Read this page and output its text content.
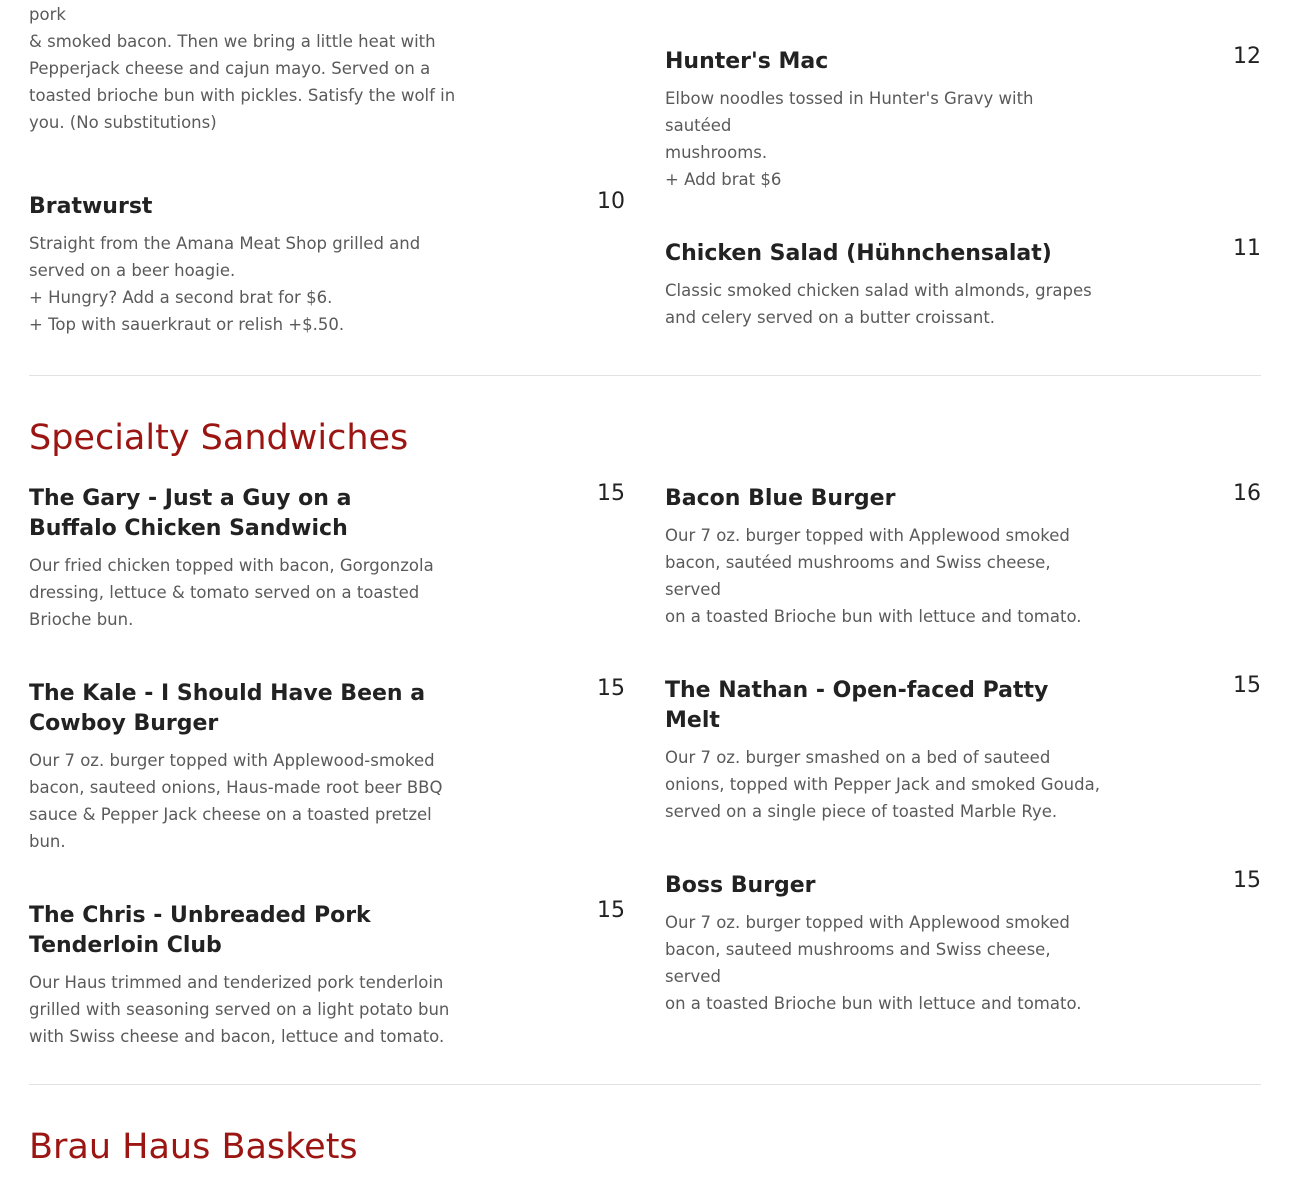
pork
& smoked bacon. Then we bring a little heat with
Pepperjack cheese and cajun mayo. Served on a
toasted brioche bun with pickles. Satisfy the wolf in
you. (No substitutions)

Bratwurst	10

Straight from the Amana Meat Shop grilled and
served on a beer hoagie.
+ Hungry? Add a second brat for $6.
+ Top with sauerkraut or relish +$.50.

Hunter's Mac	12

Elbow noodles tossed in Hunter's Gravy with sautéed
mushrooms.
+ Add brat $6

Chicken Salad (Hühnchensalat)	11

Classic smoked chicken salad with almonds, grapes
and celery served on a butter croissant.

Specialty Sandwiches
The Gary - Just a Guy on a Buffalo Chicken Sandwich
15

Our fried chicken topped with bacon, Gorgonzola
dressing, lettuce & tomato served on a toasted
Brioche bun.

The Kale - I Should Have Been a Cowboy Burger
15

Our 7 oz. burger topped with Applewood-smoked
bacon, sauteed onions, Haus-made root beer BBQ
sauce & Pepper Jack cheese on a toasted pretzel bun.

The Chris - Unbreaded Pork Tenderloin Club
15

Our Haus trimmed and tenderized pork tenderloin
grilled with seasoning served on a light potato bun
with Swiss cheese and bacon, lettuce and tomato.

Bacon Blue Burger	16

Our 7 oz. burger topped with Applewood smoked
bacon, sautéed mushrooms and Swiss cheese, served
on a toasted Brioche bun with lettuce and tomato.

The Nathan - Open-faced Patty Melt
15

Our 7 oz. burger smashed on a bed of sauteed
onions, topped with Pepper Jack and smoked Gouda,
served on a single piece of toasted Marble Rye.

Boss Burger	15

Our 7 oz. burger topped with Applewood smoked
bacon, sauteed mushrooms and Swiss cheese, served
on a toasted Brioche bun with lettuce and tomato.

Brau Haus Baskets
